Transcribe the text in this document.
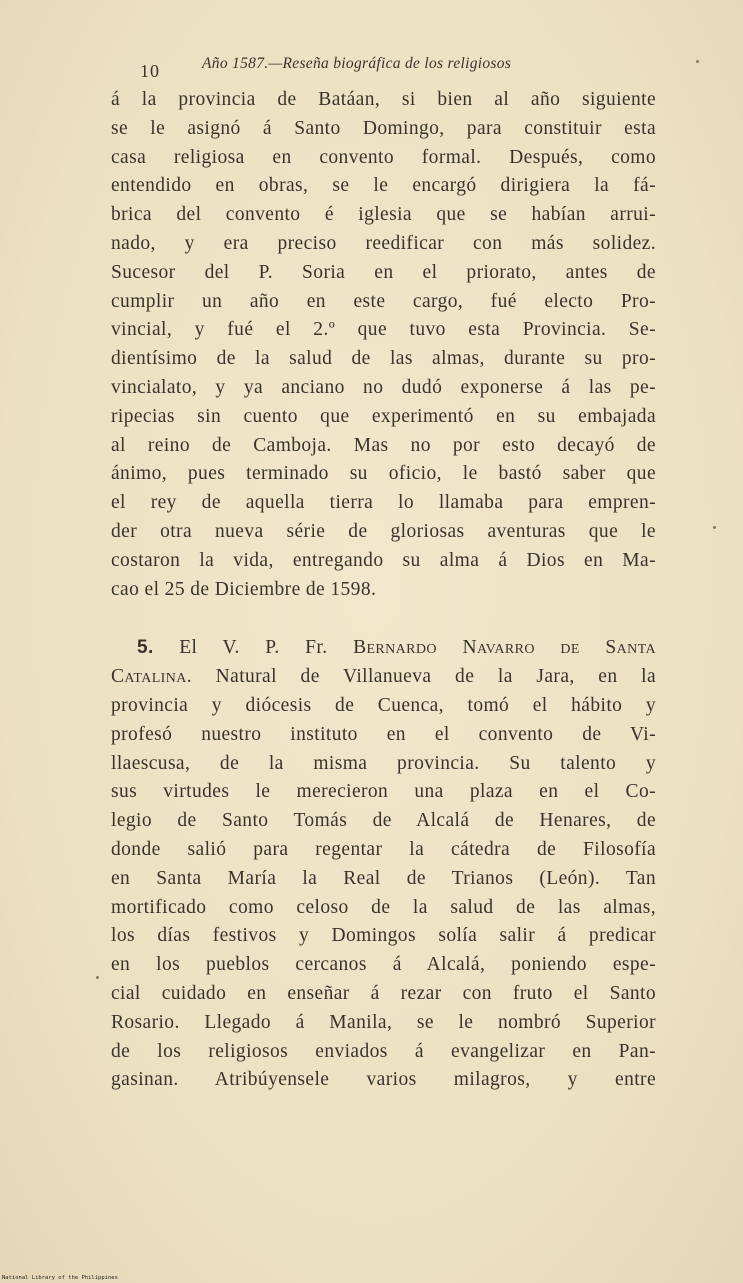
10	Año 1587.—Reseña biográfica de los religiosos
á la provincia de Batáan, si bien al año siguiente
se le asignó á Santo Domingo, para constituir esta
casa religiosa en convento formal. Después, como
entendido en obras, se le encargó dirigiera la fá-
brica del convento é iglesia que se habían arrui-
nado, y era preciso reedificar con más solidez.
Sucesor del P. Soria en el priorato, antes de
cumplir un año en este cargo, fué electo Pro-
vincial, y fué el 2.º que tuvo esta Provincia. Se-
dientísimo de la salud de las almas, durante su pro-
vincialato, y ya anciano no dudó exponerse á las pe-
ripecias sin cuento que experimentó en su embajada
al reino de Camboja. Mas no por esto decayó de
ánimo, pues terminado su oficio, le bastó saber que
el rey de aquella tierra lo llamaba para empren-
der otra nueva série de gloriosas aventuras que le
costaron la vida, entregando su alma á Dios en Ma-
cao el 25 de Diciembre de 1598.
5. El V. P. Fr. Bernardo Navarro de Santa
Catalina. Natural de Villanueva de la Jara, en la
provincia y diócesis de Cuenca, tomó el hábito y
profesó nuestro instituto en el convento de Vi-
llaescusa, de la misma provincia. Su talento y
sus virtudes le merecieron una plaza en el Co-
legio de Santo Tomás de Alcalá de Henares, de
donde salió para regentar la cátedra de Filosofía
en Santa María la Real de Trianos (León). Tan
mortificado como celoso de la salud de las almas,
los días festivos y Domingos solía salir á predicar
en los pueblos cercanos á Alcalá, poniendo espe-
cial cuidado en enseñar á rezar con fruto el Santo
Rosario. Llegado á Manila, se le nombró Superior
de los religiosos enviados á evangelizar en Pan-
gasinan. Atribúyensele varios milagros, y entre
National Library of the Philippines
